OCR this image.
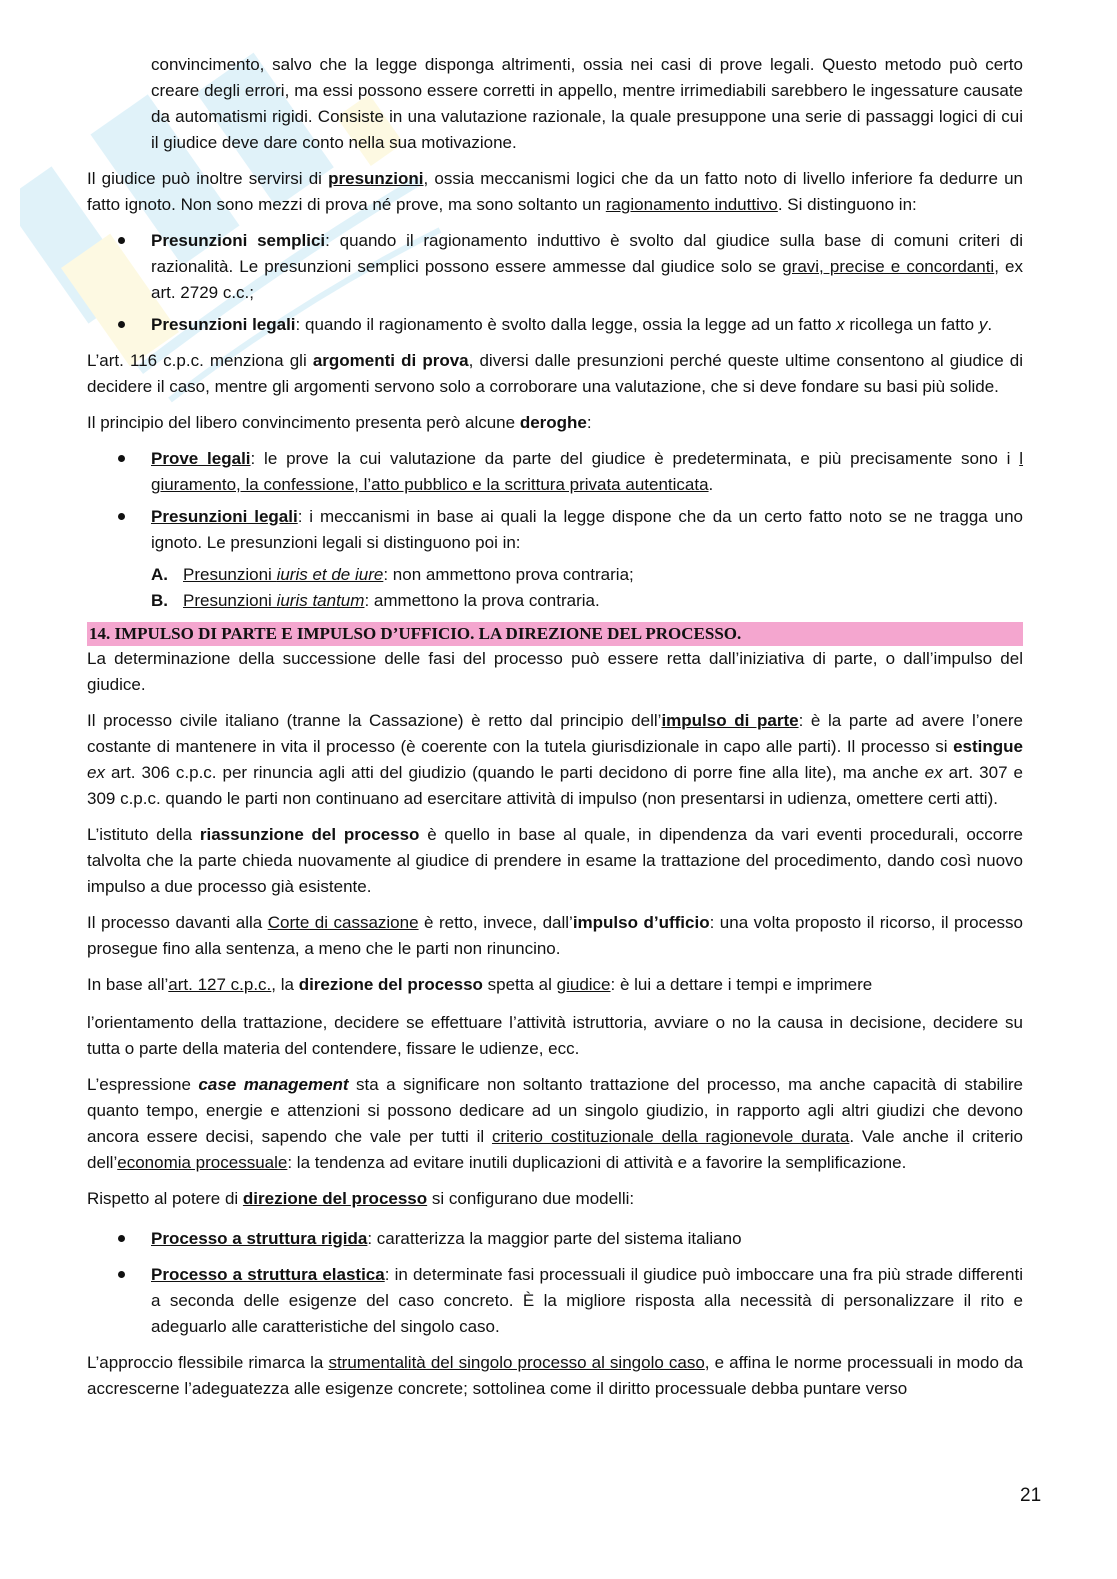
convincimento, salvo che la legge disponga altrimenti, ossia nei casi di prove legali. Questo metodo può certo creare degli errori, ma essi possono essere corretti in appello, mentre irrimediabili sarebbero le ingessature causate da automatismi rigidi. Consiste in una valutazione razionale, la quale presuppone una serie di passaggi logici di cui il giudice deve dare conto nella sua motivazione.

Il giudice può inoltre servirsi di presunzioni, ossia meccanismi logici che da un fatto noto di livello inferiore fa dedurre un fatto ignoto. Non sono mezzi di prova né prove, ma sono soltanto un ragionamento induttivo. Si distinguono in:

Presunzioni semplici: quando il ragionamento induttivo è svolto dal giudice sulla base di comuni criteri di razionalità. Le presunzioni semplici possono essere ammesse dal giudice solo se gravi, precise e concordanti, ex art. 2729 c.c.;
Presunzioni legali: quando il ragionamento è svolto dalla legge, ossia la legge ad un fatto x ricollega un fatto y.

L’art. 116 c.p.c. menziona gli argomenti di prova, diversi dalle presunzioni perché queste ultime consentono al giudice di decidere il caso, mentre gli argomenti servono solo a corroborare una valutazione, che si deve fondare su basi più solide.

Il principio del libero convincimento presenta però alcune deroghe:

Prove legali: le prove la cui valutazione da parte del giudice è predeterminata, e più precisamente sono i l giuramento, la confessione, l’atto pubblico e la scrittura privata autenticata.
Presunzioni legali: i meccanismi in base ai quali la legge dispone che da un certo fatto noto se ne tragga uno ignoto. Le presunzioni legali si distinguono poi in:
A. Presunzioni iuris et de iure: non ammettono prova contraria;
B. Presunzioni iuris tantum: ammettono la prova contraria.
14. IMPULSO DI PARTE E IMPULSO D’UFFICIO. LA DIREZIONE DEL PROCESSO.

La determinazione della successione delle fasi del processo può essere retta dall’iniziativa di parte, o dall’impulso del giudice.

Il processo civile italiano (tranne la Cassazione) è retto dal principio dell’impulso di parte: è la parte ad avere l’onere costante di mantenere in vita il processo (è coerente con la tutela giurisdizionale in capo alle parti). Il processo si estingue ex art. 306 c.p.c. per rinuncia agli atti del giudizio (quando le parti decidono di porre fine alla lite), ma anche ex art. 307 e 309 c.p.c. quando le parti non continuano ad esercitare attività di impulso (non presentarsi in udienza, omettere certi atti).

L’istituto della riassunzione del processo è quello in base al quale, in dipendenza da vari eventi procedurali, occorre talvolta che la parte chieda nuovamente al giudice di prendere in esame la trattazione del procedimento, dando così nuovo impulso a due processo già esistente.

Il processo davanti alla Corte di cassazione è retto, invece, dall’impulso d’ufficio: una volta proposto il ricorso, il processo prosegue fino alla sentenza, a meno che le parti non rinuncino.

In base all’art. 127 c.p.c., la direzione del processo spetta al giudice: è lui a dettare i tempi e imprimere

l’orientamento della trattazione, decidere se effettuare l’attività istruttoria, avviare o no la causa in decisione, decidere su tutta o parte della materia del contendere, fissare le udienze, ecc.

L’espressione case management sta a significare non soltanto trattazione del processo, ma anche capacità di stabilire quanto tempo, energie e attenzioni si possono dedicare ad un singolo giudizio, in rapporto agli altri giudizi che devono ancora essere decisi, sapendo che vale per tutti il criterio costituzionale della ragionevole durata. Vale anche il criterio dell’economia processuale: la tendenza ad evitare inutili duplicazioni di attività e a favorire la semplificazione.

Rispetto al potere di direzione del processo si configurano due modelli:

Processo a struttura rigida: caratterizza la maggior parte del sistema italiano
Processo a struttura elastica: in determinate fasi processuali il giudice può imboccare una fra più strade differenti a seconda delle esigenze del caso concreto. È la migliore risposta alla necessità di personalizzare il rito e adeguarlo alle caratteristiche del singolo caso.

L’approccio flessibile rimarca la strumentalità del singolo processo al singolo caso, e affina le norme processuali in modo da accrescerne l’adeguatezza alle esigenze concrete; sottolinea come il diritto processuale debba puntare verso

21
